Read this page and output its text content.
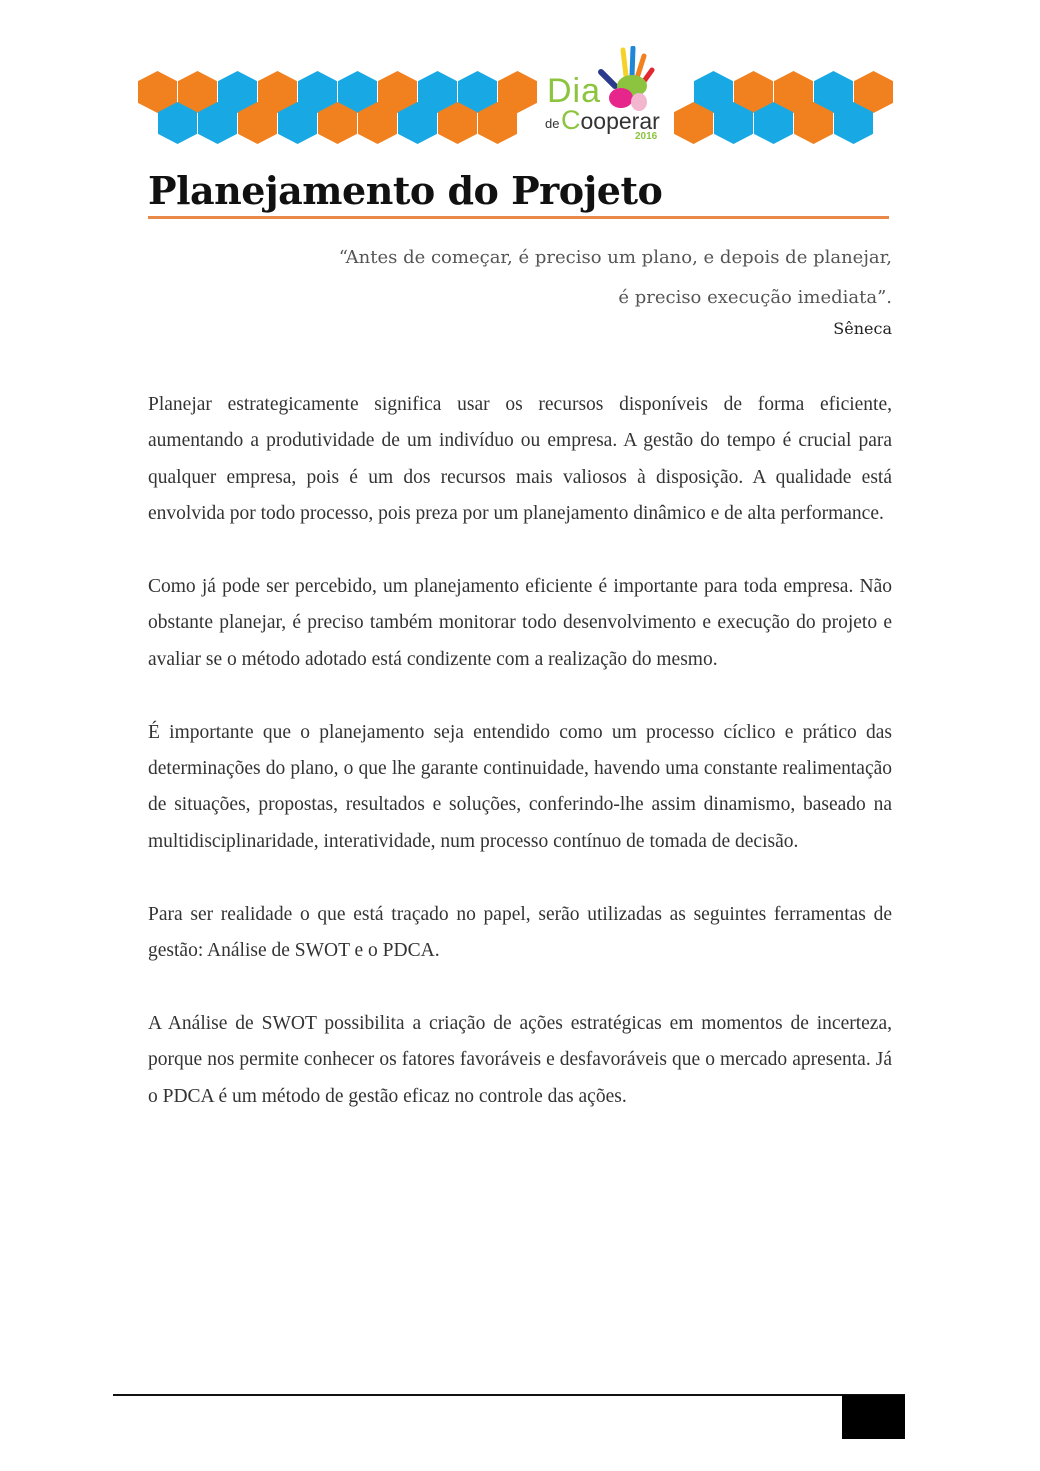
Dia
de Cooperar
2016
Planejamento do Projeto
“Antes de começar, é preciso um plano, e depois de planejar,
é preciso execução imediata”.
Sêneca

Planejar estrategicamente significa usar os recursos disponíveis de forma eficiente, aumentando a produtividade de um indivíduo ou empresa. A gestão do tempo é crucial para qualquer empresa, pois é um dos recursos mais valiosos à disposição. A qualidade está envolvida por todo processo, pois preza por um planejamento dinâmico e de alta performance.

Como já pode ser percebido, um planejamento eficiente é importante para toda empresa. Não obstante planejar, é preciso também monitorar todo desenvolvimento e execução do projeto e avaliar se o método adotado está condizente com a realização do mesmo.

É importante que o planejamento seja entendido como um processo cíclico e prático das determinações do plano, o que lhe garante continuidade, havendo uma constante realimentação de situações, propostas, resultados e soluções, conferindo-lhe assim dinamismo, baseado na multidisciplinaridade, interatividade, num processo contínuo de tomada de decisão.

Para ser realidade o que está traçado no papel, serão utilizadas as seguintes ferramentas de gestão: Análise de SWOT e o PDCA.

A Análise de SWOT possibilita a criação de ações estratégicas em momentos de incerteza, porque nos permite conhecer os fatores favoráveis e desfavoráveis que o mercado apresenta. Já o PDCA é um método de gestão eficaz no controle das ações.
